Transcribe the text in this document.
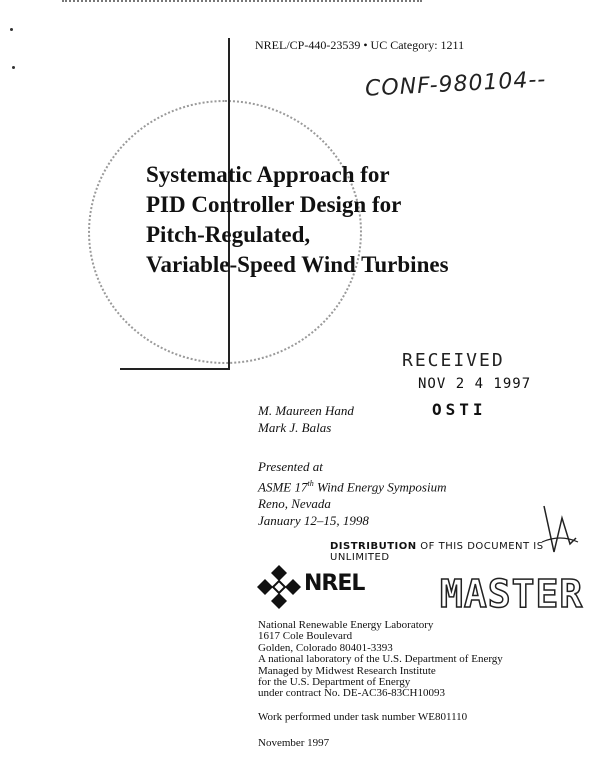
NREL/CP-440-23539 • UC Category: 1211
CONF-980104--
Systematic Approach for
PID Controller Design for
Pitch-Regulated,
Variable-Speed Wind Turbines
RECEIVED
NOV 2 4 1997
OSTI
M. Maureen Hand
Mark J. Balas
Presented at
ASME 17th Wind Energy Symposium
Reno, Nevada
January 12–15, 1998
DISTRIBUTION OF THIS DOCUMENT IS UNLIMITED
NREL MASTER
National Renewable Energy Laboratory
1617 Cole Boulevard
Golden, Colorado 80401-3393
A national laboratory of the U.S. Department of Energy
Managed by Midwest Research Institute
for the U.S. Department of Energy
under contract No. DE-AC36-83CH10093
Work performed under task number WE801110
November 1997
